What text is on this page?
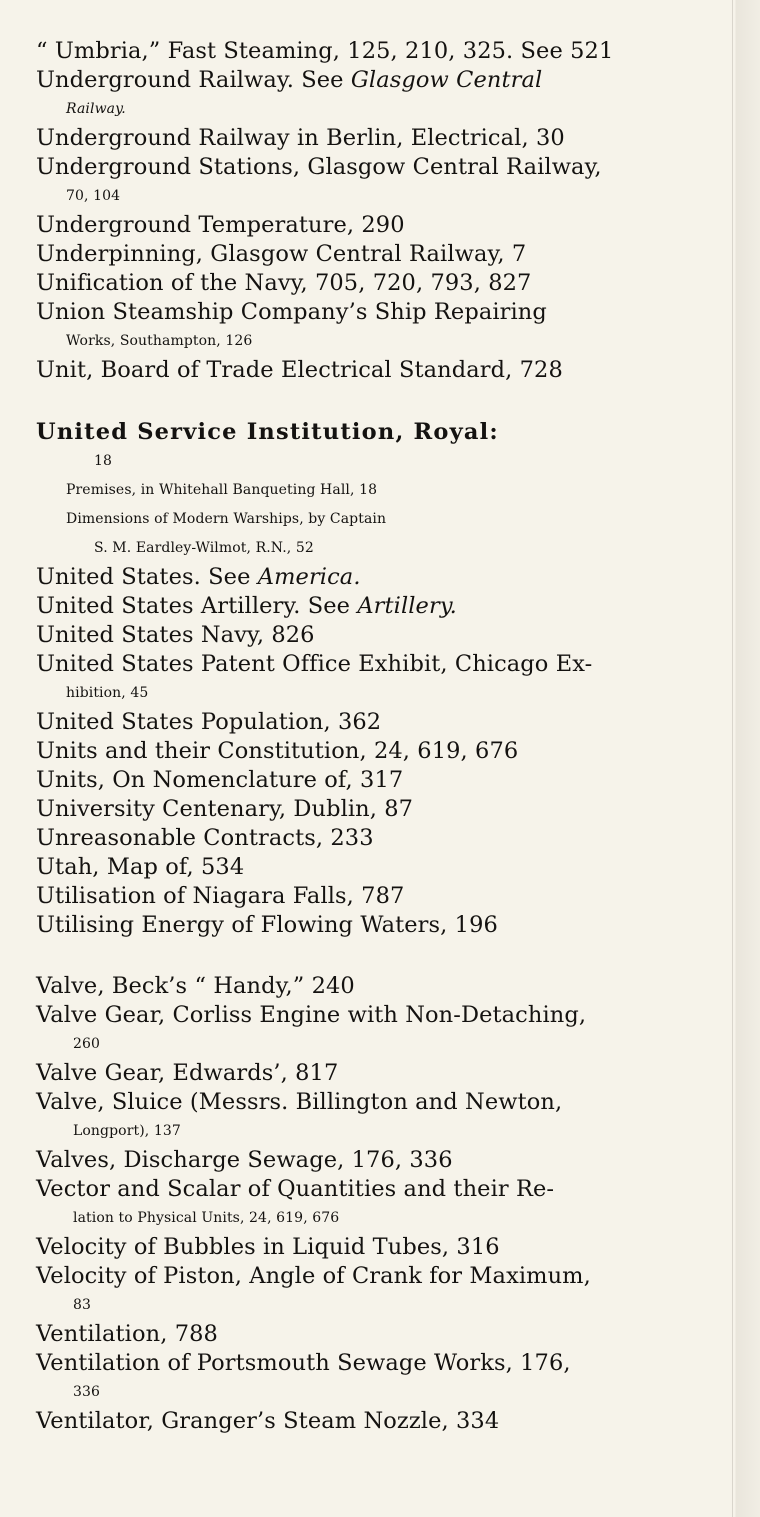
“ Umbria,” Fast Steaming, 125, 210, 325. See 521
Underground Railway. See Glasgow Central
Railway.
Underground Railway in Berlin, Electrical, 30
Underground Stations, Glasgow Central Railway,
70, 104
Underground Temperature, 290
Underpinning, Glasgow Central Railway, 7
Unification of the Navy, 705, 720, 793, 827
Union Steamship Company’s Ship Repairing
Works, Southampton, 126
Unit, Board of Trade Electrical Standard, 728
United Service Institution, Royal:
18
Premises, in Whitehall Banqueting Hall, 18
Dimensions of Modern Warships, by Captain
S. M. Eardley-Wilmot, R.N., 52
United States. See America.
United States Artillery. See Artillery.
United States Navy, 826
United States Patent Office Exhibit, Chicago Ex-
hibition, 45
United States Population, 362
Units and their Constitution, 24, 619, 676
Units, On Nomenclature of, 317
University Centenary, Dublin, 87
Unreasonable Contracts, 233
Utah, Map of, 534
Utilisation of Niagara Falls, 787
Utilising Energy of Flowing Waters, 196
Valve, Beck’s “ Handy,” 240
Valve Gear, Corliss Engine with Non-Detaching,
260
Valve Gear, Edwards’, 817
Valve, Sluice (Messrs. Billington and Newton,
Longport), 137
Valves, Discharge Sewage, 176, 336
Vector and Scalar of Quantities and their Re-
lation to Physical Units, 24, 619, 676
Velocity of Bubbles in Liquid Tubes, 316
Velocity of Piston, Angle of Crank for Maximum,
83
Ventilation, 788
Ventilation of Portsmouth Sewage Works, 176,
336
Ventilator, Granger’s Steam Nozzle, 334
